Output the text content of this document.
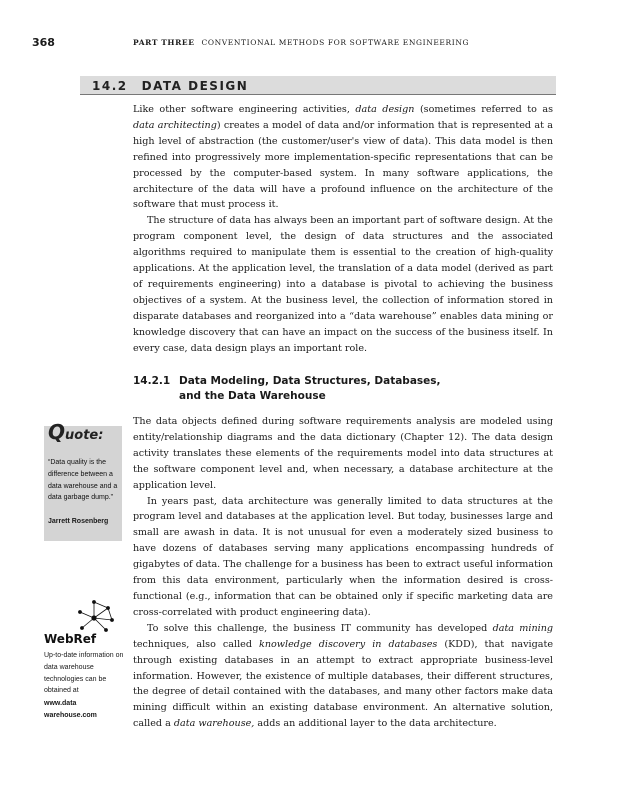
368	PART THREE CONVENTIONAL METHODS FOR SOFTWARE ENGINEERING
14.2 DATA DESIGN

Like other software engineering activities, data design (sometimes referred to as data architecting) creates a model of data and/or information that is represented at a high level of abstraction (the customer/user's view of data). This data model is then refined into progressively more implementation-specific representations that can be processed by the computer-based system. In many software applications, the architecture of the data will have a profound influence on the architecture of the software that must process it.

The structure of data has always been an important part of software design. At the program component level, the design of data structures and the associated algorithms required to manipulate them is essential to the creation of high-quality applications. At the application level, the translation of a data model (derived as part of requirements engineering) into a database is pivotal to achieving the business objectives of a system. At the business level, the collection of information stored in disparate databases and reorganized into a “data warehouse” enables data mining or knowledge discovery that can have an impact on the success of the business itself. In every case, data design plays an important role.

14.2.1 Data Modeling, Data Structures, Databases,
and the Data Warehouse

The data objects defined during software requirements analysis are modeled using entity/relationship diagrams and the data dictionary (Chapter 12). The data design activity translates these elements of the requirements model into data structures at the software component level and, when necessary, a database architecture at the application level.

In years past, data architecture was generally limited to data structures at the program level and databases at the application level. But today, businesses large and small are awash in data. It is not unusual for even a moderately sized business to have dozens of databases serving many applications encompassing hundreds of gigabytes of data. The challenge for a business has been to extract useful information from this data environment, particularly when the information desired is cross-functional (e.g., information that can be obtained only if specific marketing data are cross-correlated with product engineering data).

To solve this challenge, the business IT community has developed data mining techniques, also called knowledge discovery in databases (KDD), that navigate through existing databases in an attempt to extract appropriate business-level information. However, the existence of multiple databases, their different structures, the degree of detail contained with the databases, and many other factors make data mining difficult within an existing database environment. An alternative solution, called a data warehouse, adds an additional layer to the data architecture.

Quote:
“Data quality is the difference between a data warehouse and a data garbage dump.”
Jarrett Rosenberg
WebRef
Up-to-date information on data warehouse technologies can be obtained at
www.data
warehouse.com
